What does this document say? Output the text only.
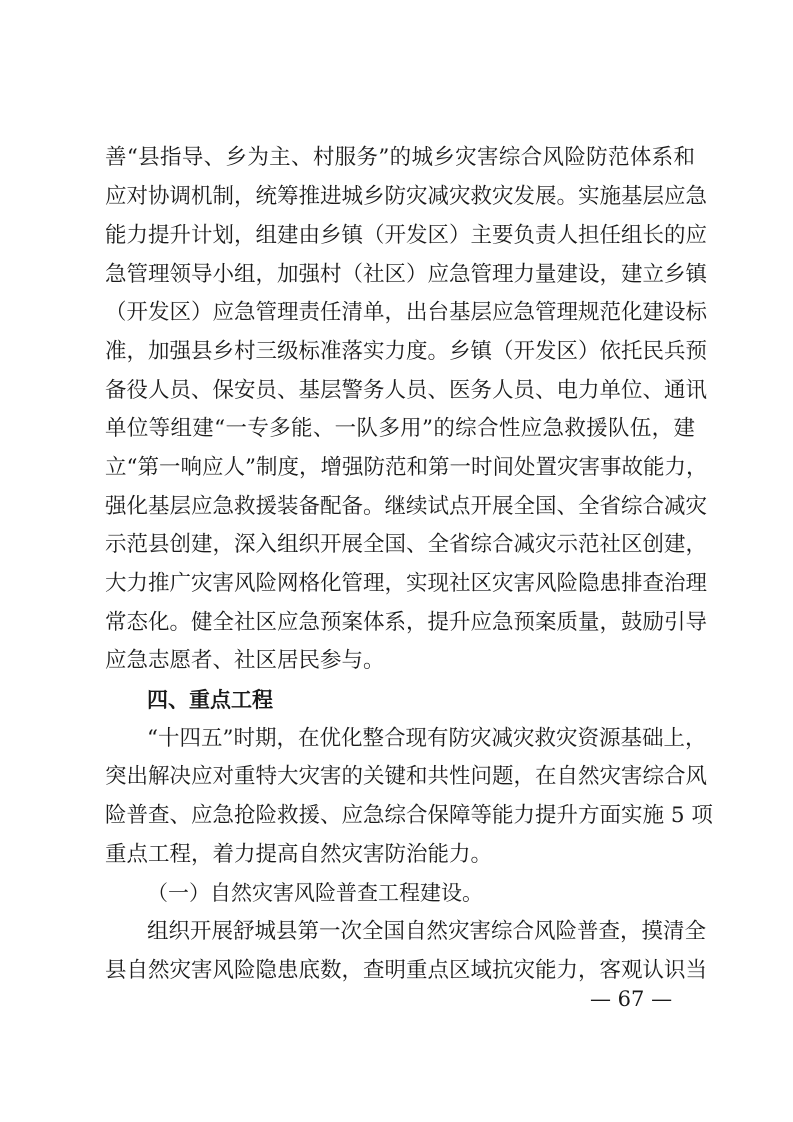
善“县指导、乡为主、村服务”的城乡灾害综合风险防范体系和
应对协调机制，统筹推进城乡防灾减灾救灾发展。实施基层应急
能力提升计划，组建由乡镇（开发区）主要负责人担任组长的应
急管理领导小组，加强村（社区）应急管理力量建设，建立乡镇
（开发区）应急管理责任清单，出台基层应急管理规范化建设标
准，加强县乡村三级标准落实力度。乡镇（开发区）依托民兵预
备役人员、保安员、基层警务人员、医务人员、电力单位、通讯
单位等组建“一专多能、一队多用”的综合性应急救援队伍，建
立“第一响应人”制度，增强防范和第一时间处置灾害事故能力，
强化基层应急救援装备配备。继续试点开展全国、全省综合减灾
示范县创建，深入组织开展全国、全省综合减灾示范社区创建，
大力推广灾害风险网格化管理，实现社区灾害风险隐患排查治理
常态化。健全社区应急预案体系，提升应急预案质量，鼓励引导
应急志愿者、社区居民参与。
四、重点工程
“十四五”时期，在优化整合现有防灾减灾救灾资源基础上，
突出解决应对重特大灾害的关键和共性问题，在自然灾害综合风
险普查、应急抢险救援、应急综合保障等能力提升方面实施 5 项
重点工程，着力提高自然灾害防治能力。
（一）自然灾害风险普查工程建设。
组织开展舒城县第一次全国自然灾害综合风险普查，摸清全
县自然灾害风险隐患底数，查明重点区域抗灾能力，客观认识当
— 67 —
